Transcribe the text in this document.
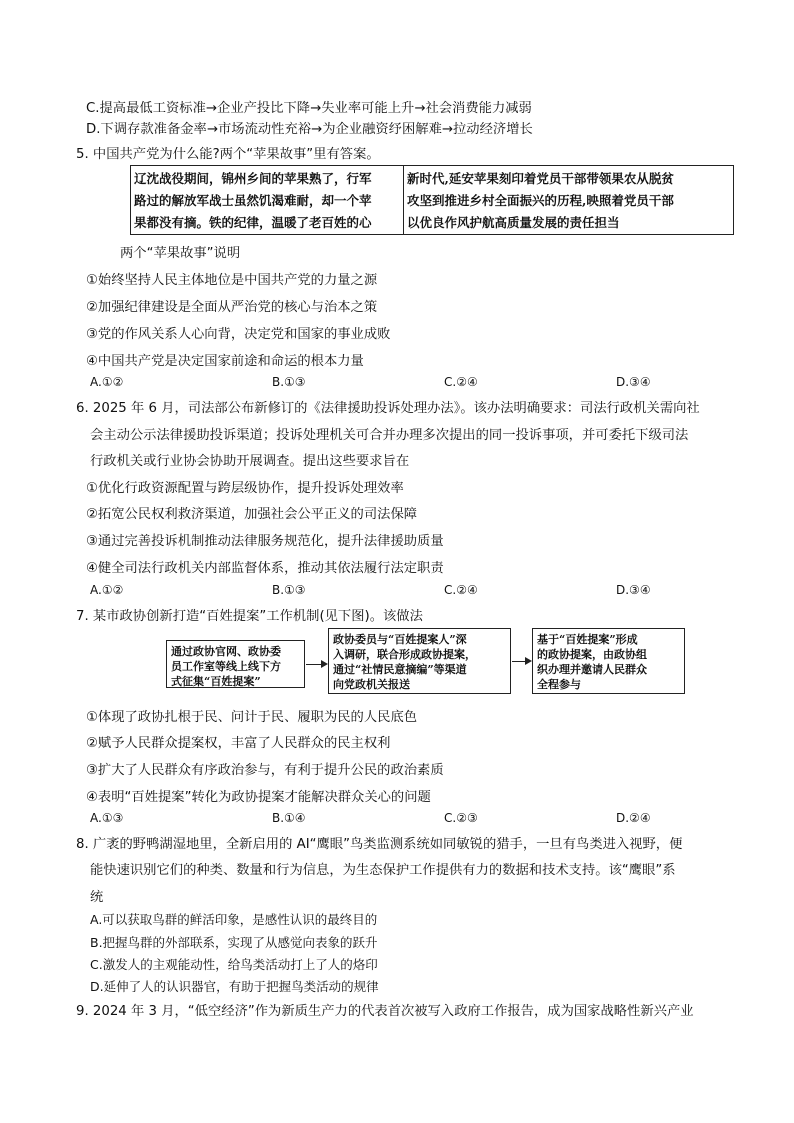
C.提高最低工资标准→企业产投比下降→失业率可能上升→社会消费能力减弱
D.下调存款准备金率→市场流动性充裕→为企业融资纾困解难→拉动经济增长
5. 中国共产党为什么能?两个“苹果故事”里有答案。
辽沈战役期间，锦州乡间的苹果熟了，行军
路过的解放军战士虽然饥渴难耐，却一个苹
果都没有摘。铁的纪律，温暖了老百姓的心
新时代,延安苹果刻印着党员干部带领果农从脱贫
攻坚到推进乡村全面振兴的历程,映照着党员干部
以优良作风护航高质量发展的责任担当
两个“苹果故事”说明
①始终坚持人民主体地位是中国共产党的力量之源
②加强纪律建设是全面从严治党的核心与治本之策
③党的作风关系人心向背，决定党和国家的事业成败
④中国共产党是决定国家前途和命运的根本力量
A.①②	B.①③	C.②④	D.③④
6. 2025 年 6 月，司法部公布新修订的《法律援助投诉处理办法》。该办法明确要求：司法行政机关需向社
会主动公示法律援助投诉渠道；投诉处理机关可合并办理多次提出的同一投诉事项，并可委托下级司法
行政机关或行业协会协助开展调查。提出这些要求旨在
①优化行政资源配置与跨层级协作，提升投诉处理效率
②拓宽公民权利救济渠道，加强社会公平正义的司法保障
③通过完善投诉机制推动法律服务规范化，提升法律援助质量
④健全司法行政机关内部监督体系，推动其依法履行法定职责
A.①②	B.①③	C.②④	D.③④
7. 某市政协创新打造“百姓提案”工作机制(见下图)。该做法
通过政协官网、政协委
员工作室等线上线下方
式征集“百姓提案”
政协委员与“百姓提案人”深
入调研，联合形成政协提案，
通过“社情民意摘编”等渠道
向党政机关报送
基于“百姓提案”形成
的政协提案，由政协组
织办理并邀请人民群众
全程参与
①体现了政协扎根于民、问计于民、履职为民的人民底色
②赋予人民群众提案权，丰富了人民群众的民主权利
③扩大了人民群众有序政治参与，有利于提升公民的政治素质
④表明“百姓提案”转化为政协提案才能解决群众关心的问题
A.①③	B.①④	C.②③	D.②④
8. 广袤的野鸭湖湿地里，全新启用的 AI“鹰眼”鸟类监测系统如同敏锐的猎手，一旦有鸟类进入视野，便
能快速识别它们的种类、数量和行为信息，为生态保护工作提供有力的数据和技术支持。该“鹰眼”系
统
A.可以获取鸟群的鲜活印象，是感性认识的最终目的
B.把握鸟群的外部联系，实现了从感觉向表象的跃升
C.激发人的主观能动性，给鸟类活动打上了人的烙印
D.延伸了人的认识器官，有助于把握鸟类活动的规律
9. 2024 年 3 月，“低空经济”作为新质生产力的代表首次被写入政府工作报告，成为国家战略性新兴产业
